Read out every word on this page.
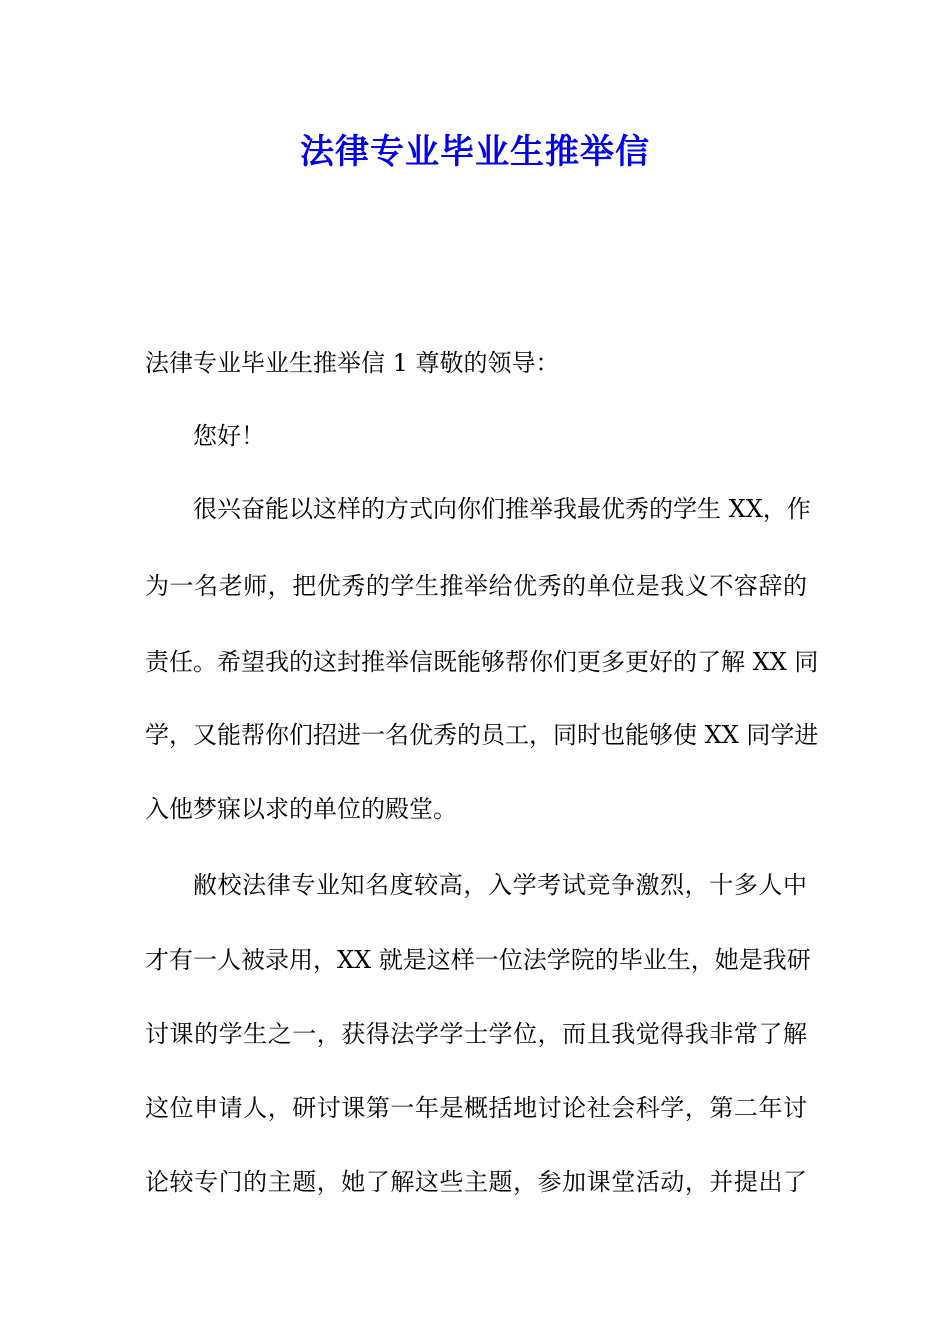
法律专业毕业生推举信
法律专业毕业生推举信 1 尊敬的领导：
您好！
很兴奋能以这样的方式向你们推举我最优秀的学生 XX，作
为一名老师，把优秀的学生推举给优秀的单位是我义不容辞的
责任。希望我的这封推举信既能够帮你们更多更好的了解 XX 同
学，又能帮你们招进一名优秀的员工，同时也能够使 XX 同学进
入他梦寐以求的单位的殿堂。
敝校法律专业知名度较高，入学考试竞争激烈，十多人中
才有一人被录用，XX 就是这样一位法学院的毕业生，她是我研
讨课的学生之一，获得法学学士学位，而且我觉得我非常了解
这位申请人，研讨课第一年是概括地讨论社会科学，第二年讨
论较专门的主题，她了解这些主题，参加课堂活动，并提出了
